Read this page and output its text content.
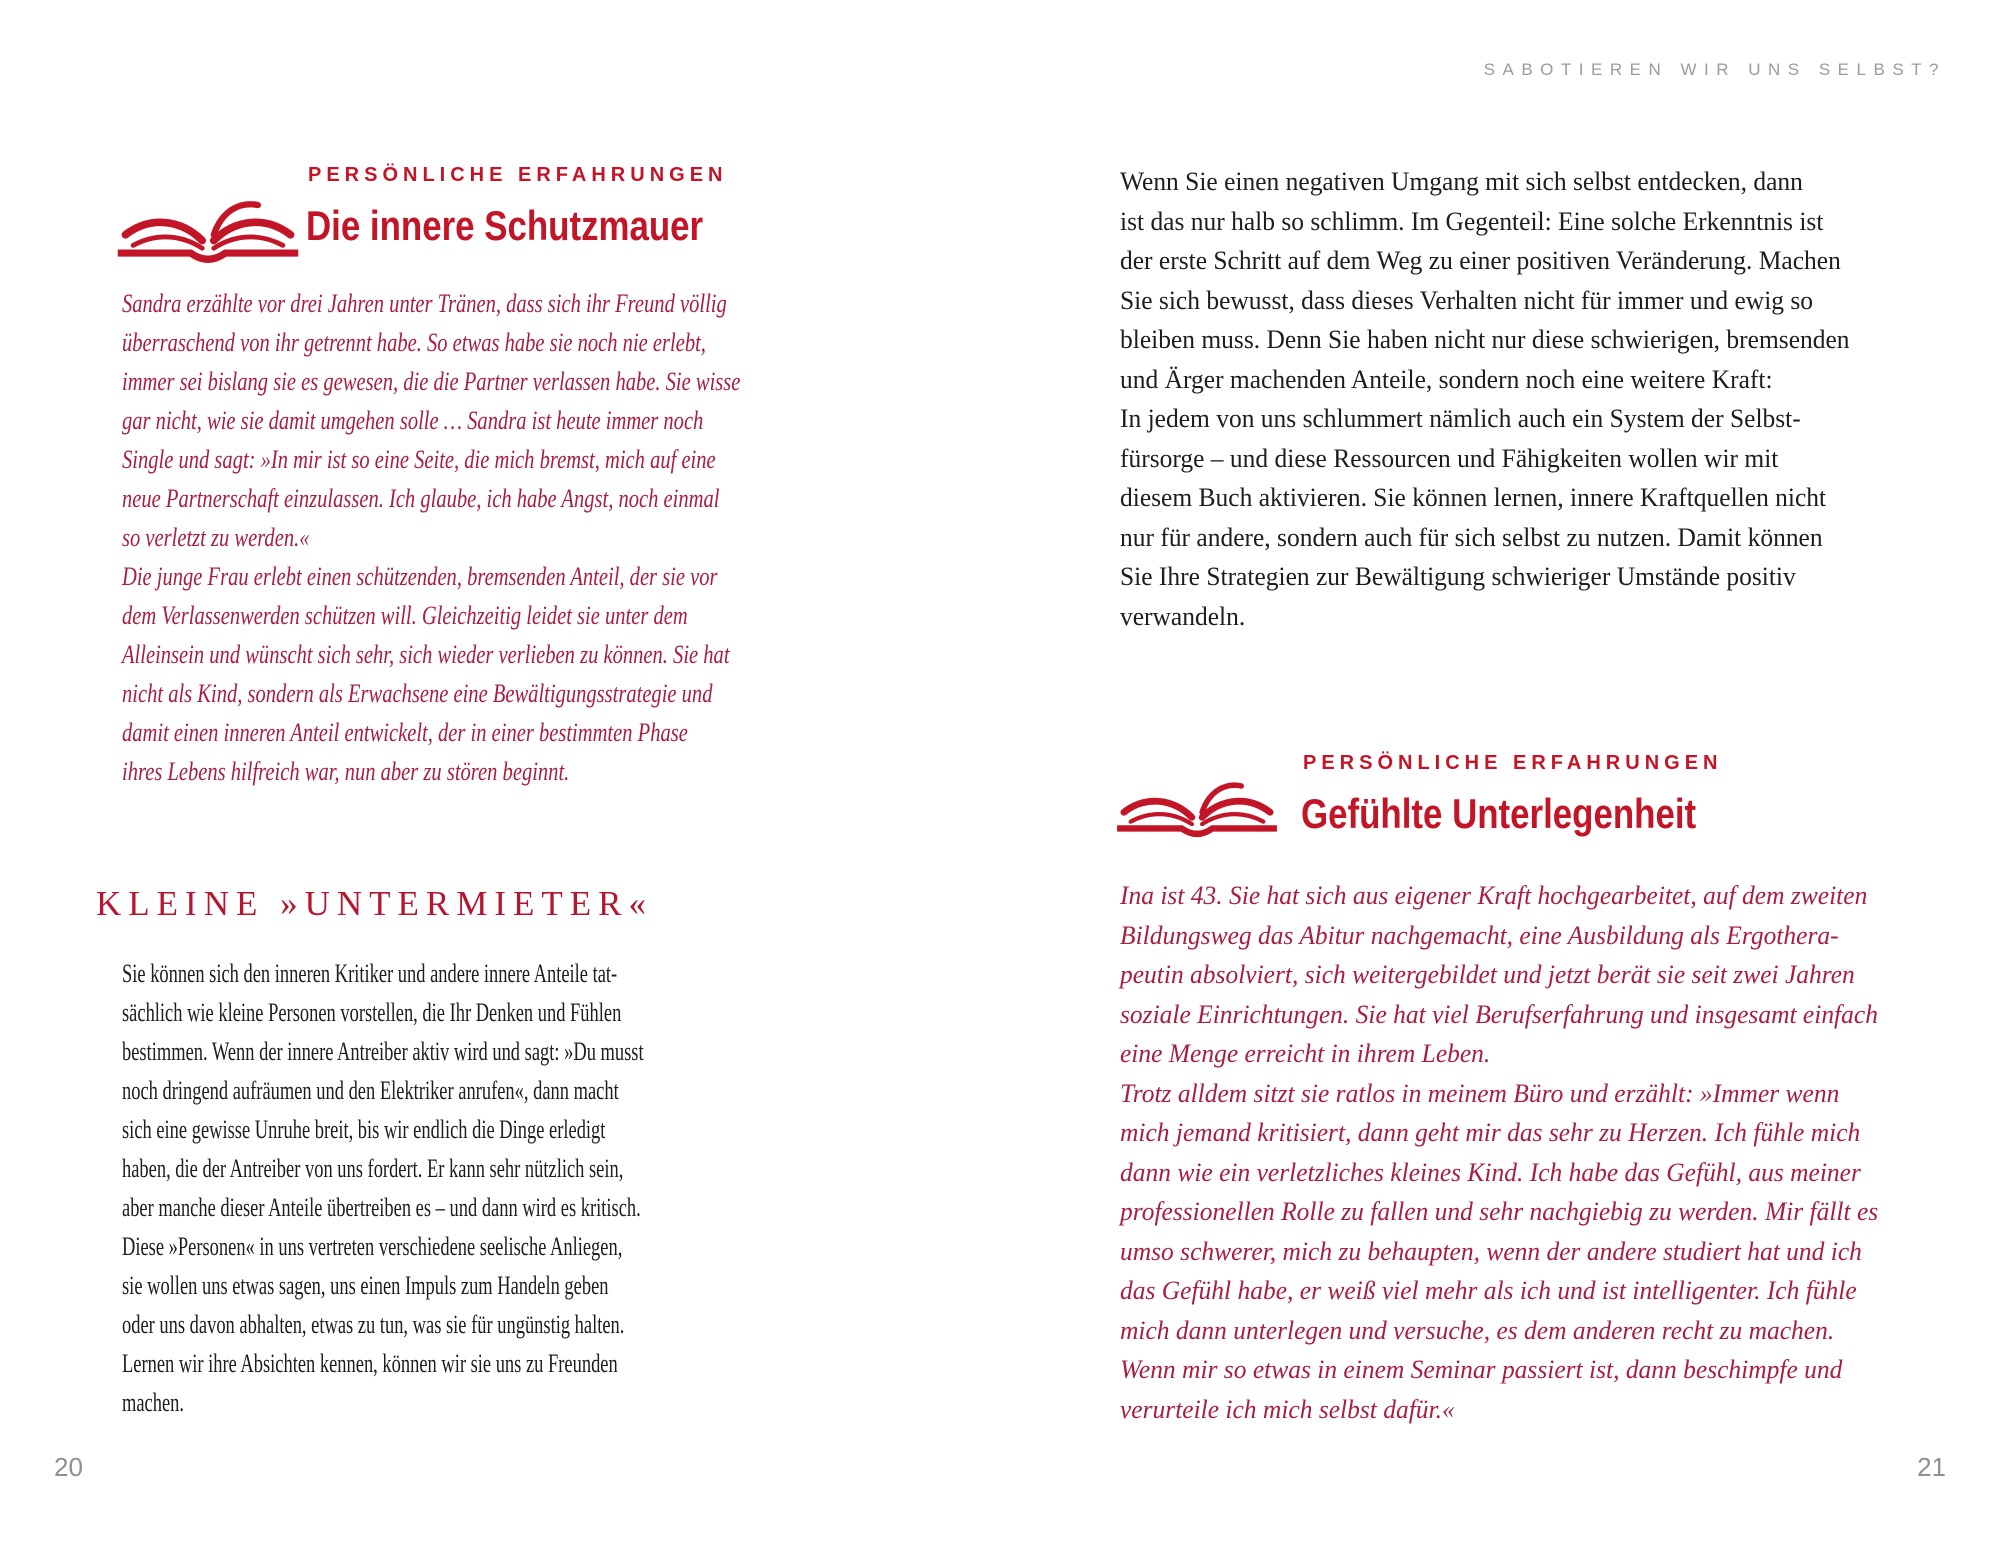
PERSÖNLICHE ERFAHRUNGEN
Die innere Schutzmauer
Sandra erzählte vor drei Jahren unter Tränen, dass sich ihr Freund völlig
überraschend von ihr getrennt habe. So etwas habe sie noch nie erlebt,
immer sei bislang sie es gewesen, die die Partner verlassen habe. Sie wisse
gar nicht, wie sie damit umgehen solle … Sandra ist heute immer noch
Single und sagt: »In mir ist so eine Seite, die mich bremst, mich auf eine
neue Partnerschaft einzulassen. Ich glaube, ich habe Angst, noch einmal
so verletzt zu werden.«
Die junge Frau erlebt einen schützenden, bremsenden Anteil, der sie vor
dem Verlassenwerden schützen will. Gleichzeitig leidet sie unter dem
Alleinsein und wünscht sich sehr, sich wieder verlieben zu können. Sie hat
nicht als Kind, sondern als Erwachsene eine Bewältigungsstrategie und
damit einen inneren Anteil entwickelt, der in einer bestimmten Phase
ihres Lebens hilfreich war, nun aber zu stören beginnt.
KLEINE »UNTERMIETER«
Sie können sich den inneren Kritiker und andere innere Anteile tat-
sächlich wie kleine Personen vorstellen, die Ihr Denken und Fühlen
bestimmen. Wenn der innere Antreiber aktiv wird und sagt: »Du musst
noch dringend aufräumen und den Elektriker anrufen«, dann macht
sich eine gewisse Unruhe breit, bis wir endlich die Dinge erledigt
haben, die der Antreiber von uns fordert. Er kann sehr nützlich sein,
aber manche dieser Anteile übertreiben es – und dann wird es kritisch.
Diese »Personen« in uns vertreten verschiedene seelische Anliegen,
sie wollen uns etwas sagen, uns einen Impuls zum Handeln geben
oder uns davon abhalten, etwas zu tun, was sie für ungünstig halten.
Lernen wir ihre Absichten kennen, können wir sie uns zu Freunden
machen.
20
SABOTIEREN WIR UNS SELBST?
Wenn Sie einen negativen Umgang mit sich selbst entdecken, dann
ist das nur halb so schlimm. Im Gegenteil: Eine solche Erkenntnis ist
der erste Schritt auf dem Weg zu einer positiven Veränderung. Machen
Sie sich bewusst, dass dieses Verhalten nicht für immer und ewig so
bleiben muss. Denn Sie haben nicht nur diese schwierigen, bremsenden
und Ärger machenden Anteile, sondern noch eine weitere Kraft:
In jedem von uns schlummert nämlich auch ein System der Selbst-
fürsorge – und diese Ressourcen und Fähigkeiten wollen wir mit
diesem Buch aktivieren. Sie können lernen, innere Kraftquellen nicht
nur für andere, sondern auch für sich selbst zu nutzen. Damit können
Sie Ihre Strategien zur Bewältigung schwieriger Umstände positiv
verwandeln.
PERSÖNLICHE ERFAHRUNGEN
Gefühlte Unterlegenheit
Ina ist 43. Sie hat sich aus eigener Kraft hochgearbeitet, auf dem zweiten
Bildungsweg das Abitur nachgemacht, eine Ausbildung als Ergothera-
peutin absolviert, sich weitergebildet und jetzt berät sie seit zwei Jahren
soziale Einrichtungen. Sie hat viel Berufserfahrung und insgesamt einfach
eine Menge erreicht in ihrem Leben.
Trotz alldem sitzt sie ratlos in meinem Büro und erzählt: »Immer wenn
mich jemand kritisiert, dann geht mir das sehr zu Herzen. Ich fühle mich
dann wie ein verletzliches kleines Kind. Ich habe das Gefühl, aus meiner
professionellen Rolle zu fallen und sehr nachgiebig zu werden. Mir fällt es
umso schwerer, mich zu behaupten, wenn der andere studiert hat und ich
das Gefühl habe, er weiß viel mehr als ich und ist intelligenter. Ich fühle
mich dann unterlegen und versuche, es dem anderen recht zu machen.
Wenn mir so etwas in einem Seminar passiert ist, dann beschimpfe und
verurteile ich mich selbst dafür.«
21
